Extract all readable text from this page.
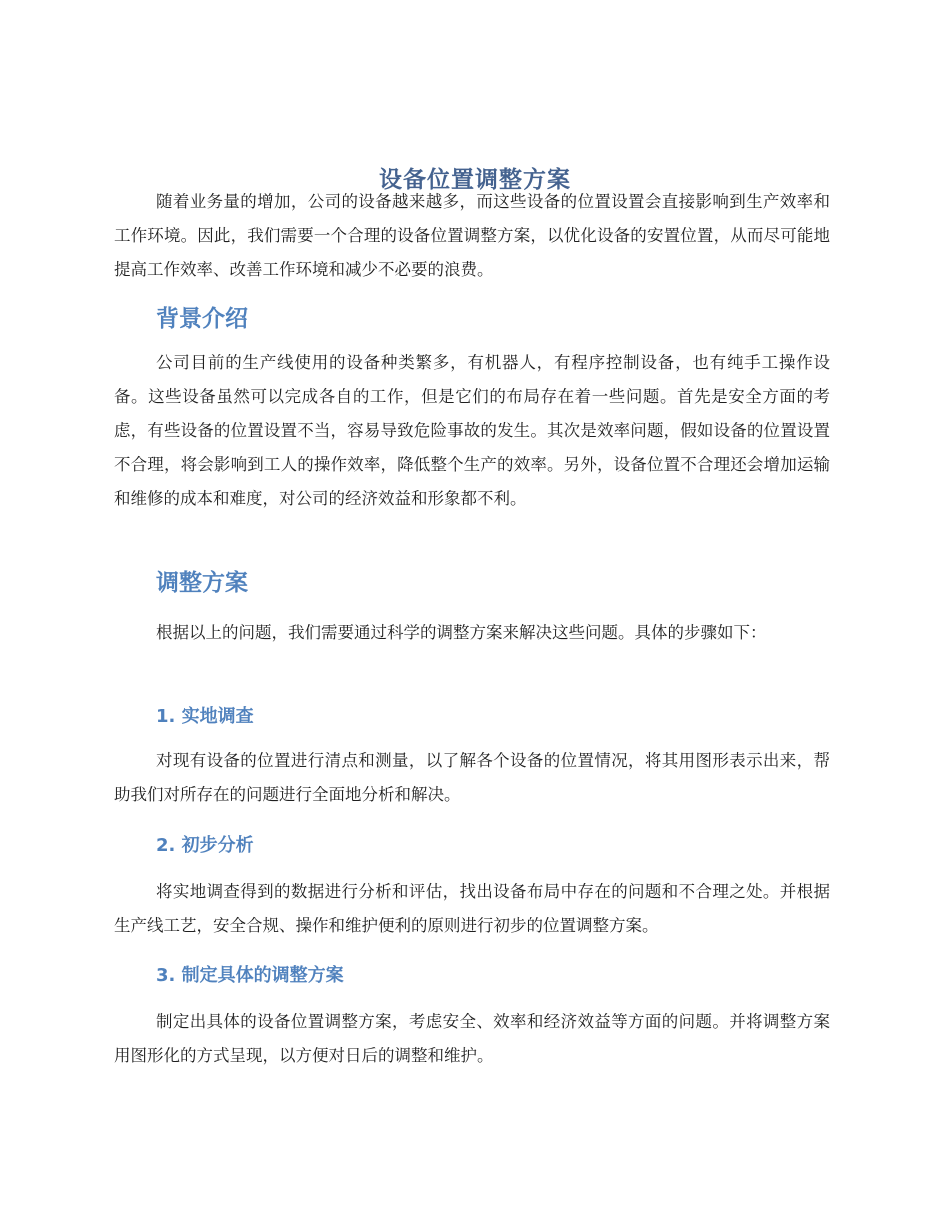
设备位置调整方案

随着业务量的增加，公司的设备越来越多，而这些设备的位置设置会直接影响到生产效率和工作环境。因此，我们需要一个合理的设备位置调整方案，以优化设备的安置位置，从而尽可能地提高工作效率、改善工作环境和减少不必要的浪费。

背景介绍

公司目前的生产线使用的设备种类繁多，有机器人，有程序控制设备，也有纯手工操作设备。这些设备虽然可以完成各自的工作，但是它们的布局存在着一些问题。首先是安全方面的考虑，有些设备的位置设置不当，容易导致危险事故的发生。其次是效率问题，假如设备的位置设置不合理，将会影响到工人的操作效率，降低整个生产的效率。另外，设备位置不合理还会增加运输和维修的成本和难度，对公司的经济效益和形象都不利。

调整方案

根据以上的问题，我们需要通过科学的调整方案来解决这些问题。具体的步骤如下：

1. 实地调查

对现有设备的位置进行清点和测量，以了解各个设备的位置情况，将其用图形表示出来，帮助我们对所存在的问题进行全面地分析和解决。

2. 初步分析

将实地调查得到的数据进行分析和评估，找出设备布局中存在的问题和不合理之处。并根据生产线工艺，安全合规、操作和维护便利的原则进行初步的位置调整方案。

3. 制定具体的调整方案

制定出具体的设备位置调整方案，考虑安全、效率和经济效益等方面的问题。并将调整方案用图形化的方式呈现，以方便对日后的调整和维护。
